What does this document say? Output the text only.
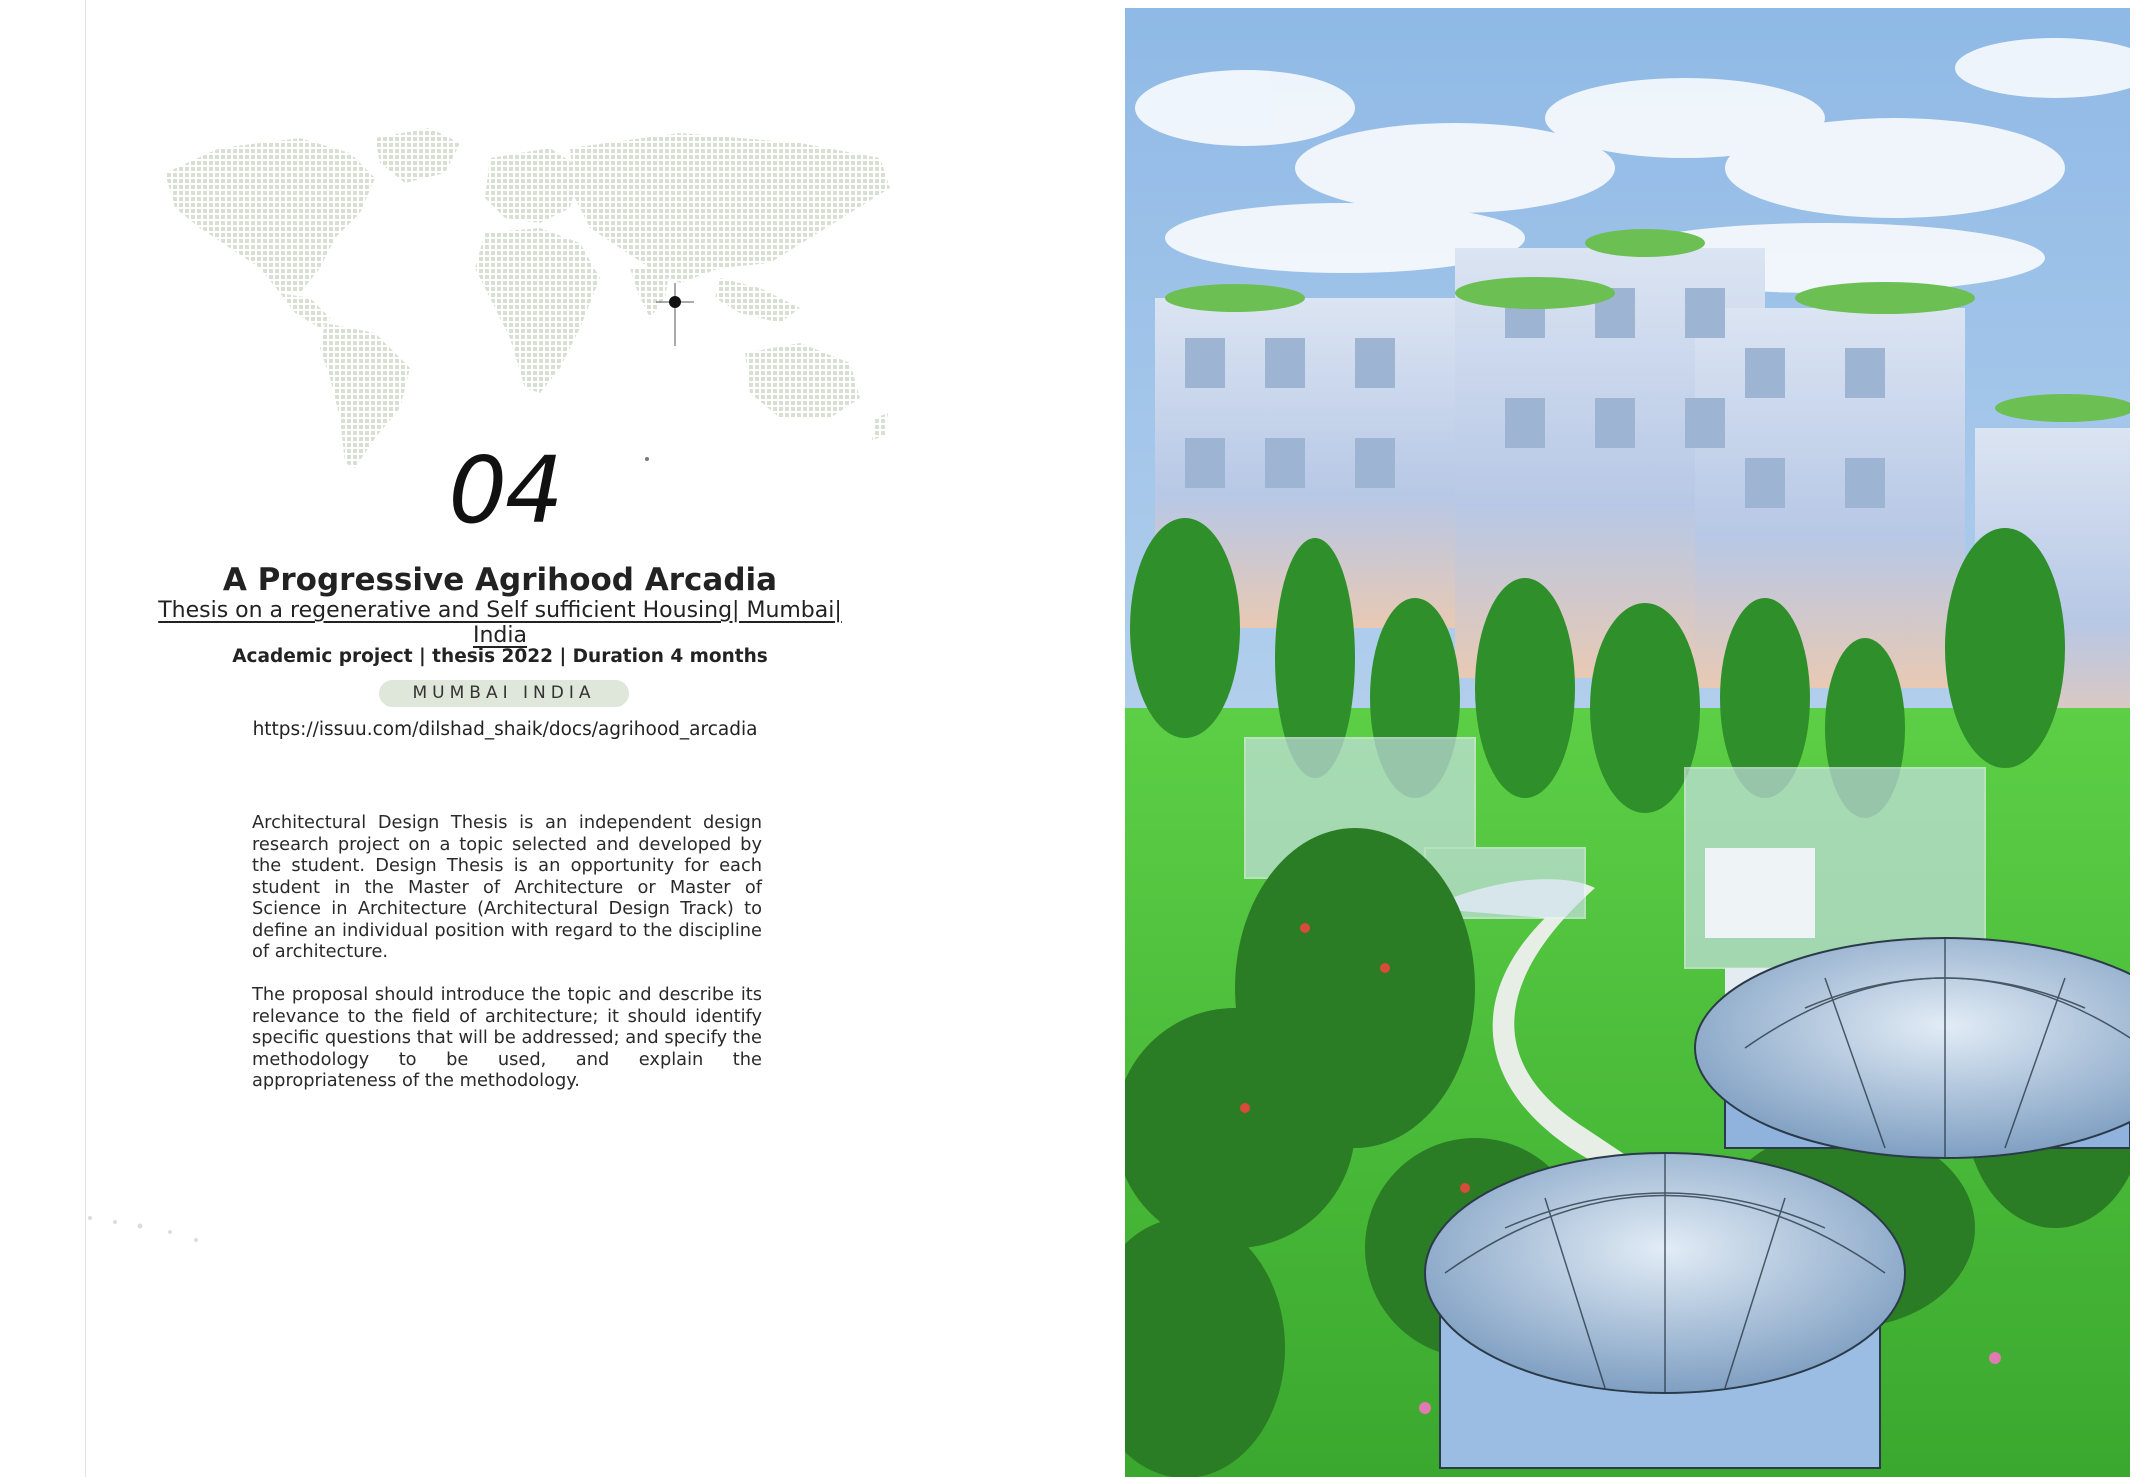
04
A Progressive Agrihood Arcadia
Thesis on a regenerative and Self sufficient Housing| Mumbai| India
Academic project | thesis 2022 | Duration 4 months
MUMBAI INDIA
https://issuu.com/dilshad_shaik/docs/agrihood_arcadia

Architectural Design Thesis is an independent design research project on a topic selected and developed by the student. Design Thesis is an opportunity for each student in the Master of Architecture or Master of Science in Architecture (Architectural Design Track) to define an individual position with regard to the discipline of architecture.

The proposal should introduce the topic and describe its relevance to the field of architecture; it should identify specific questions that will be addressed; and specify the methodology to be used, and explain the appropriateness of the methodology.
